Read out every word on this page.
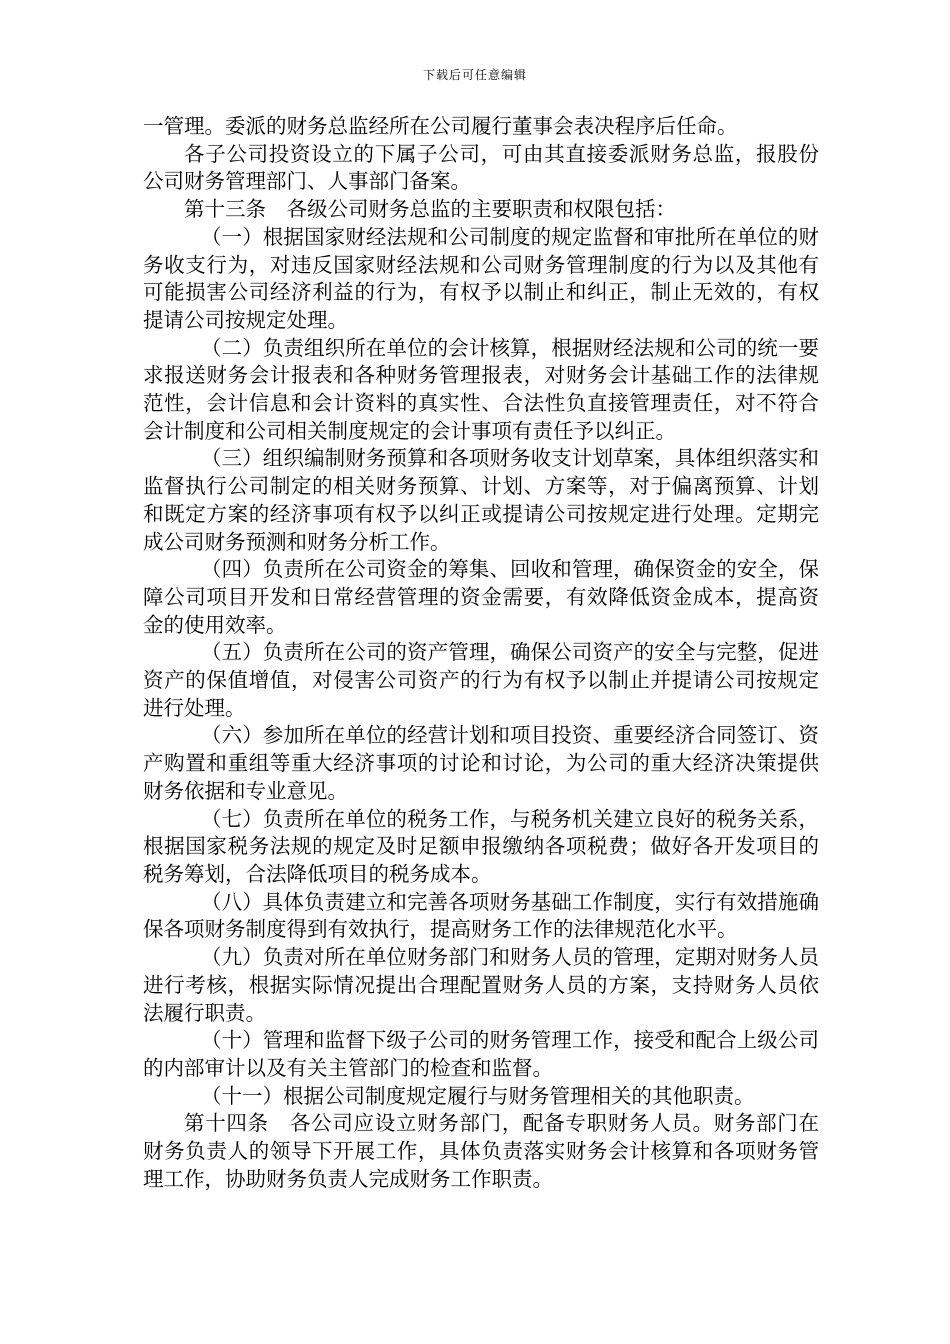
下载后可任意编辑

一管理。委派的财务总监经所在公司履行董事会表决程序后任命。

各子公司投资设立的下属子公司，可由其直接委派财务总监，报股份公司财务管理部门、人事部门备案。

第十三条　各级公司财务总监的主要职责和权限包括：

（一）根据国家财经法规和公司制度的规定监督和审批所在单位的财务收支行为，对违反国家财经法规和公司财务管理制度的行为以及其他有可能损害公司经济利益的行为，有权予以制止和纠正，制止无效的，有权提请公司按规定处理。

（二）负责组织所在单位的会计核算，根据财经法规和公司的统一要求报送财务会计报表和各种财务管理报表，对财务会计基础工作的法律规范性，会计信息和会计资料的真实性、合法性负直接管理责任，对不符合会计制度和公司相关制度规定的会计事项有责任予以纠正。

（三）组织编制财务预算和各项财务收支计划草案，具体组织落实和监督执行公司制定的相关财务预算、计划、方案等，对于偏离预算、计划和既定方案的经济事项有权予以纠正或提请公司按规定进行处理。定期完成公司财务预测和财务分析工作。

（四）负责所在公司资金的筹集、回收和管理，确保资金的安全，保障公司项目开发和日常经营管理的资金需要，有效降低资金成本，提高资金的使用效率。

（五）负责所在公司的资产管理，确保公司资产的安全与完整，促进资产的保值增值，对侵害公司资产的行为有权予以制止并提请公司按规定进行处理。

（六）参加所在单位的经营计划和项目投资、重要经济合同签订、资产购置和重组等重大经济事项的讨论和讨论，为公司的重大经济决策提供财务依据和专业意见。

（七）负责所在单位的税务工作，与税务机关建立良好的税务关系，根据国家税务法规的规定及时足额申报缴纳各项税费；做好各开发项目的税务筹划，合法降低项目的税务成本。

（八）具体负责建立和完善各项财务基础工作制度，实行有效措施确保各项财务制度得到有效执行，提高财务工作的法律规范化水平。

（九）负责对所在单位财务部门和财务人员的管理，定期对财务人员进行考核，根据实际情况提出合理配置财务人员的方案，支持财务人员依法履行职责。

（十）管理和监督下级子公司的财务管理工作，接受和配合上级公司的内部审计以及有关主管部门的检查和监督。

（十一）根据公司制度规定履行与财务管理相关的其他职责。

第十四条　各公司应设立财务部门，配备专职财务人员。财务部门在财务负责人的领导下开展工作，具体负责落实财务会计核算和各项财务管理工作，协助财务负责人完成财务工作职责。
